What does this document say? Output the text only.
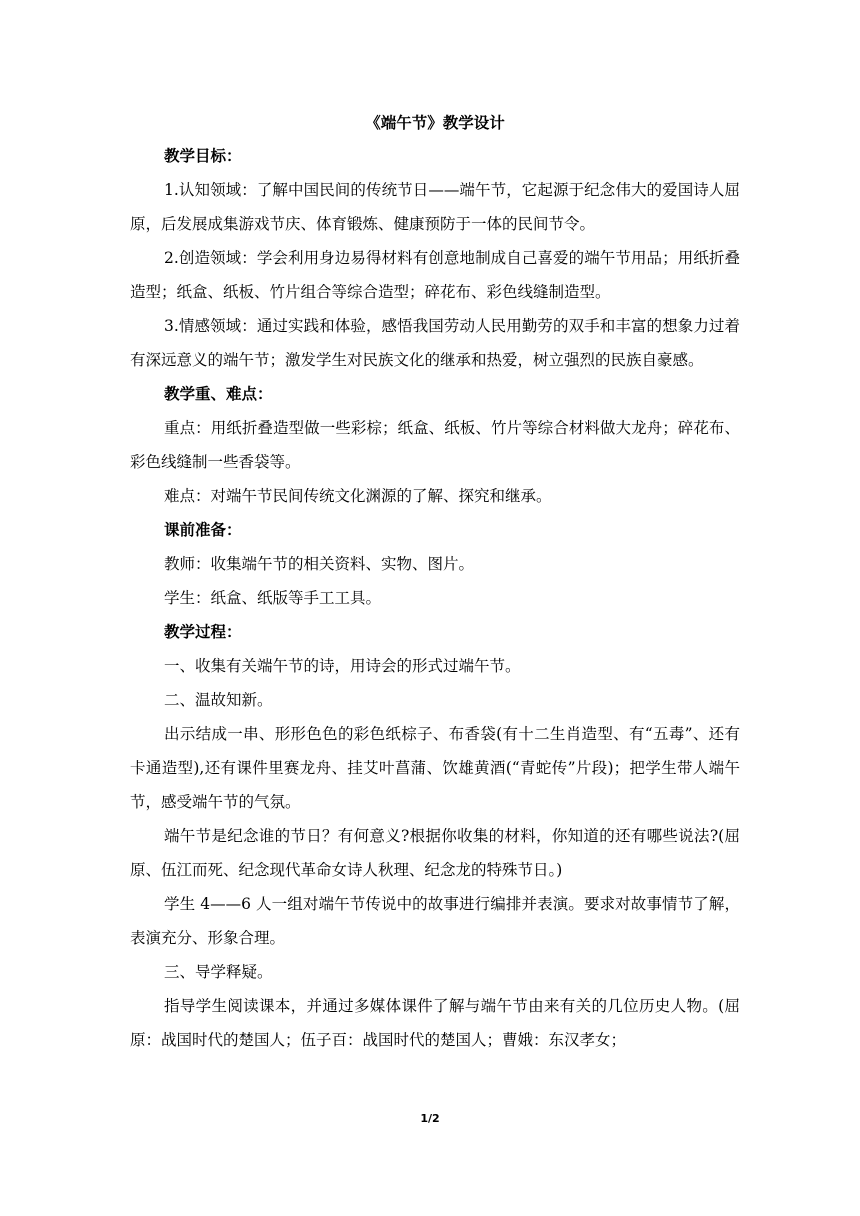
《端午节》教学设计
教学目标：

1.认知领域：了解中国民间的传统节日——端午节，它起源于纪念伟大的爱国诗人屈原，后发展成集游戏节庆、体育锻炼、健康预防于一体的民间节令。

2.创造领域：学会利用身边易得材料有创意地制成自己喜爱的端午节用品；用纸折叠造型；纸盒、纸板、竹片组合等综合造型；碎花布、彩色线缝制造型。

3.情感领域：通过实践和体验，感悟我国劳动人民用勤劳的双手和丰富的想象力过着有深远意义的端午节；激发学生对民族文化的继承和热爱，树立强烈的民族自豪感。

教学重、难点：

重点：用纸折叠造型做一些彩棕；纸盒、纸板、竹片等综合材料做大龙舟；碎花布、彩色线缝制一些香袋等。

难点：对端午节民间传统文化渊源的了解、探究和继承。

课前准备：

教师：收集端午节的相关资料、实物、图片。

学生：纸盒、纸版等手工工具。

教学过程：

一、收集有关端午节的诗，用诗会的形式过端午节。

二、温故知新。

出示结成一串、形形色色的彩色纸棕子、布香袋(有十二生肖造型、有“五毒”、还有卡通造型),还有课件里赛龙舟、挂艾叶菖蒲、饮雄黄酒(“青蛇传”片段)；把学生带人端午节，感受端午节的气氛。

端午节是纪念谁的节日？有何意义?根据你收集的材料，你知道的还有哪些说法?(屈原、伍江而死、纪念现代革命女诗人秋理、纪念龙的特殊节日。)

学生 4——6 人一组对端午节传说中的故事进行编排并表演。要求对故事情节了解，表演充分、形象合理。

三、导学释疑。

指导学生阅读课本，并通过多媒体课件了解与端午节由来有关的几位历史人物。(屈原：战国时代的楚国人；伍子百：战国时代的楚国人；曹娥：东汉孝女；

1/2
